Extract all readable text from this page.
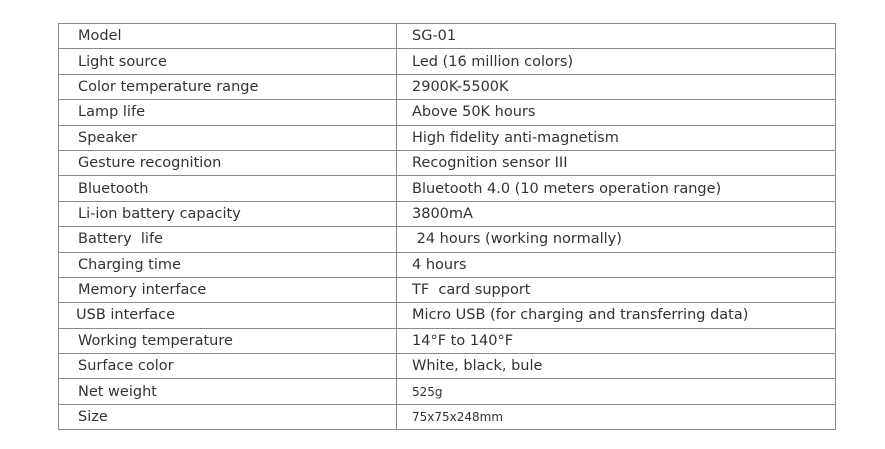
Model	SG-01
Light source	Led (16 million colors)
Color temperature range	2900K-5500K
Lamp life	Above 50K hours
Speaker	High fidelity anti-magnetism
Gesture recognition	Recognition sensor III
Bluetooth	Bluetooth 4.0 (10 meters operation range)
Li-ion battery capacity	3800mA
Battery  life	24 hours (working normally)
Charging time	4 hours
Memory interface	TF  card support
USB interface	Micro USB (for charging and transferring data)
Working temperature	14°F to 140°F
Surface color	White, black, bule
Net weight	525g
Size	75x75x248mm
